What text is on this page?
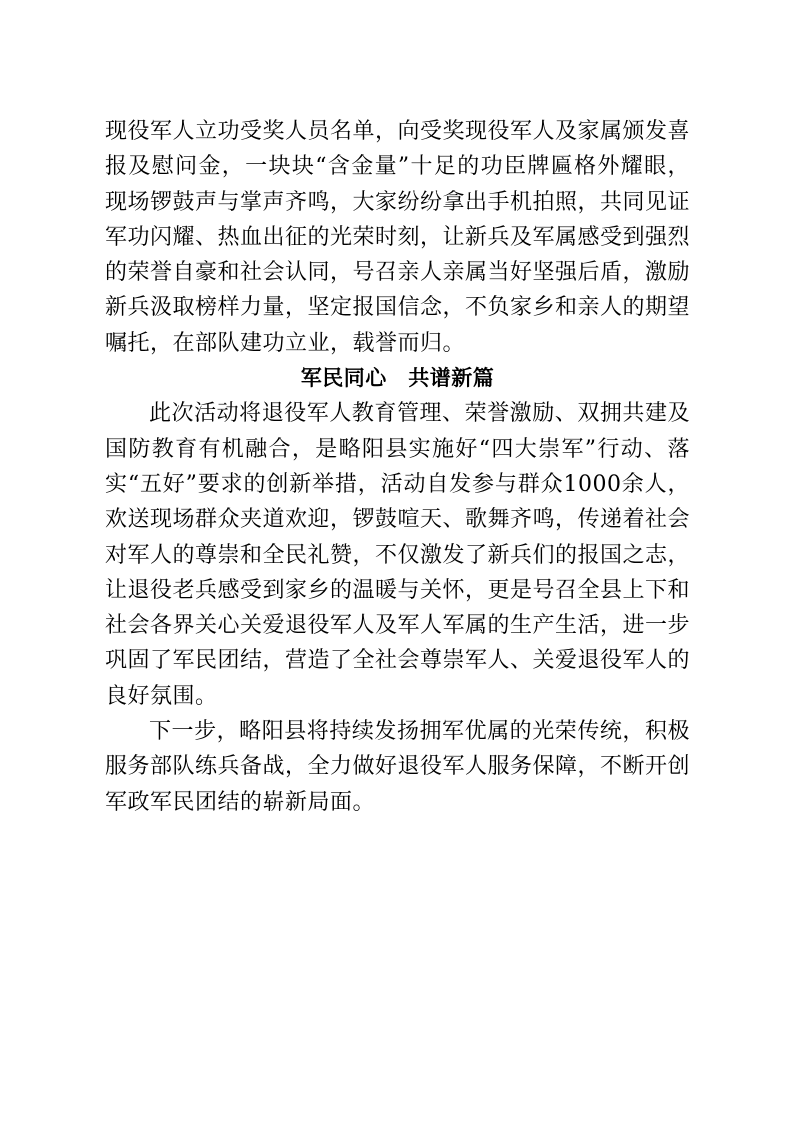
现役军人立功受奖人员名单，向受奖现役军人及家属颁发喜报及慰问金，一块块“含金量”十足的功臣牌匾格外耀眼，现场锣鼓声与掌声齐鸣，大家纷纷拿出手机拍照，共同见证军功闪耀、热血出征的光荣时刻，让新兵及军属感受到强烈的荣誉自豪和社会认同，号召亲人亲属当好坚强后盾，激励新兵汲取榜样力量，坚定报国信念，不负家乡和亲人的期望嘱托，在部队建功立业，载誉而归。

军民同心　共谱新篇

此次活动将退役军人教育管理、荣誉激励、双拥共建及国防教育有机融合，是略阳县实施好“四大崇军”行动、落实“五好”要求的创新举措，活动自发参与群众1000余人，欢送现场群众夹道欢迎，锣鼓喧天、歌舞齐鸣，传递着社会对军人的尊崇和全民礼赞，不仅激发了新兵们的报国之志，让退役老兵感受到家乡的温暖与关怀，更是号召全县上下和社会各界关心关爱退役军人及军人军属的生产生活，进一步巩固了军民团结，营造了全社会尊崇军人、关爱退役军人的良好氛围。

下一步，略阳县将持续发扬拥军优属的光荣传统，积极服务部队练兵备战，全力做好退役军人服务保障，不断开创军政军民团结的崭新局面。
